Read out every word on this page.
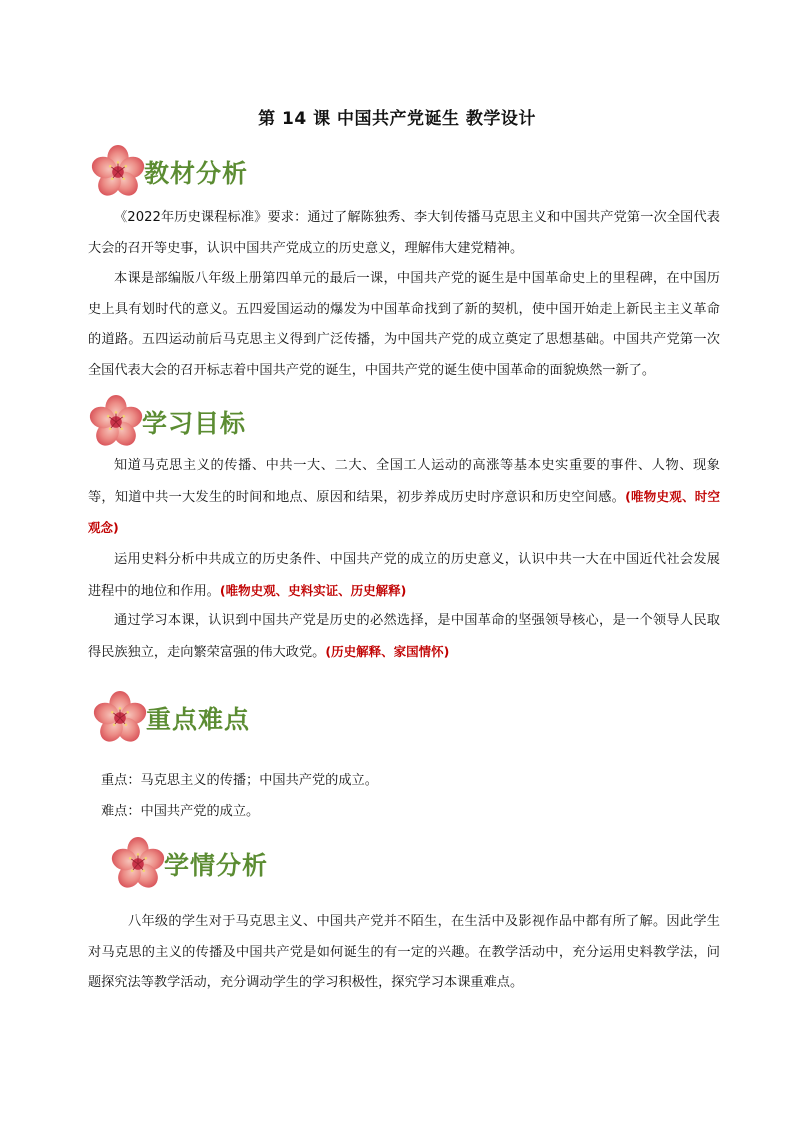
第 14 课 中国共产党诞生 教学设计
教材分析
《2022年历史课程标准》要求：通过了解陈独秀、李大钊传播马克思主义和中国共产党第一次全国代表大会的召开等史事，认识中国共产党成立的历史意义，理解伟大建党精神。
本课是部编版八年级上册第四单元的最后一课，中国共产党的诞生是中国革命史上的里程碑，在中国历史上具有划时代的意义。五四爱国运动的爆发为中国革命找到了新的契机，使中国开始走上新民主主义革命的道路。五四运动前后马克思主义得到广泛传播，为中国共产党的成立奠定了思想基础。中国共产党第一次全国代表大会的召开标志着中国共产党的诞生，中国共产党的诞生使中国革命的面貌焕然一新了。
学习目标
知道马克思主义的传播、中共一大、二大、全国工人运动的高涨等基本史实重要的事件、人物、现象等，知道中共一大发生的时间和地点、原因和结果，初步养成历史时序意识和历史空间感。(唯物史观、时空观念)
运用史料分析中共成立的历史条件、中国共产党的成立的历史意义，认识中共一大在中国近代社会发展进程中的地位和作用。(唯物史观、史料实证、历史解释)
通过学习本课，认识到中国共产党是历史的必然选择，是中国革命的坚强领导核心，是一个领导人民取得民族独立，走向繁荣富强的伟大政党。(历史解释、家国情怀)
重点难点
重点：马克思主义的传播；中国共产党的成立。
难点：中国共产党的成立。
学情分析
八年级的学生对于马克思主义、中国共产党并不陌生，在生活中及影视作品中都有所了解。因此学生对马克思的主义的传播及中国共产党是如何诞生的有一定的兴趣。在教学活动中，充分运用史料教学法，问题探究法等教学活动，充分调动学生的学习积极性，探究学习本课重难点。
